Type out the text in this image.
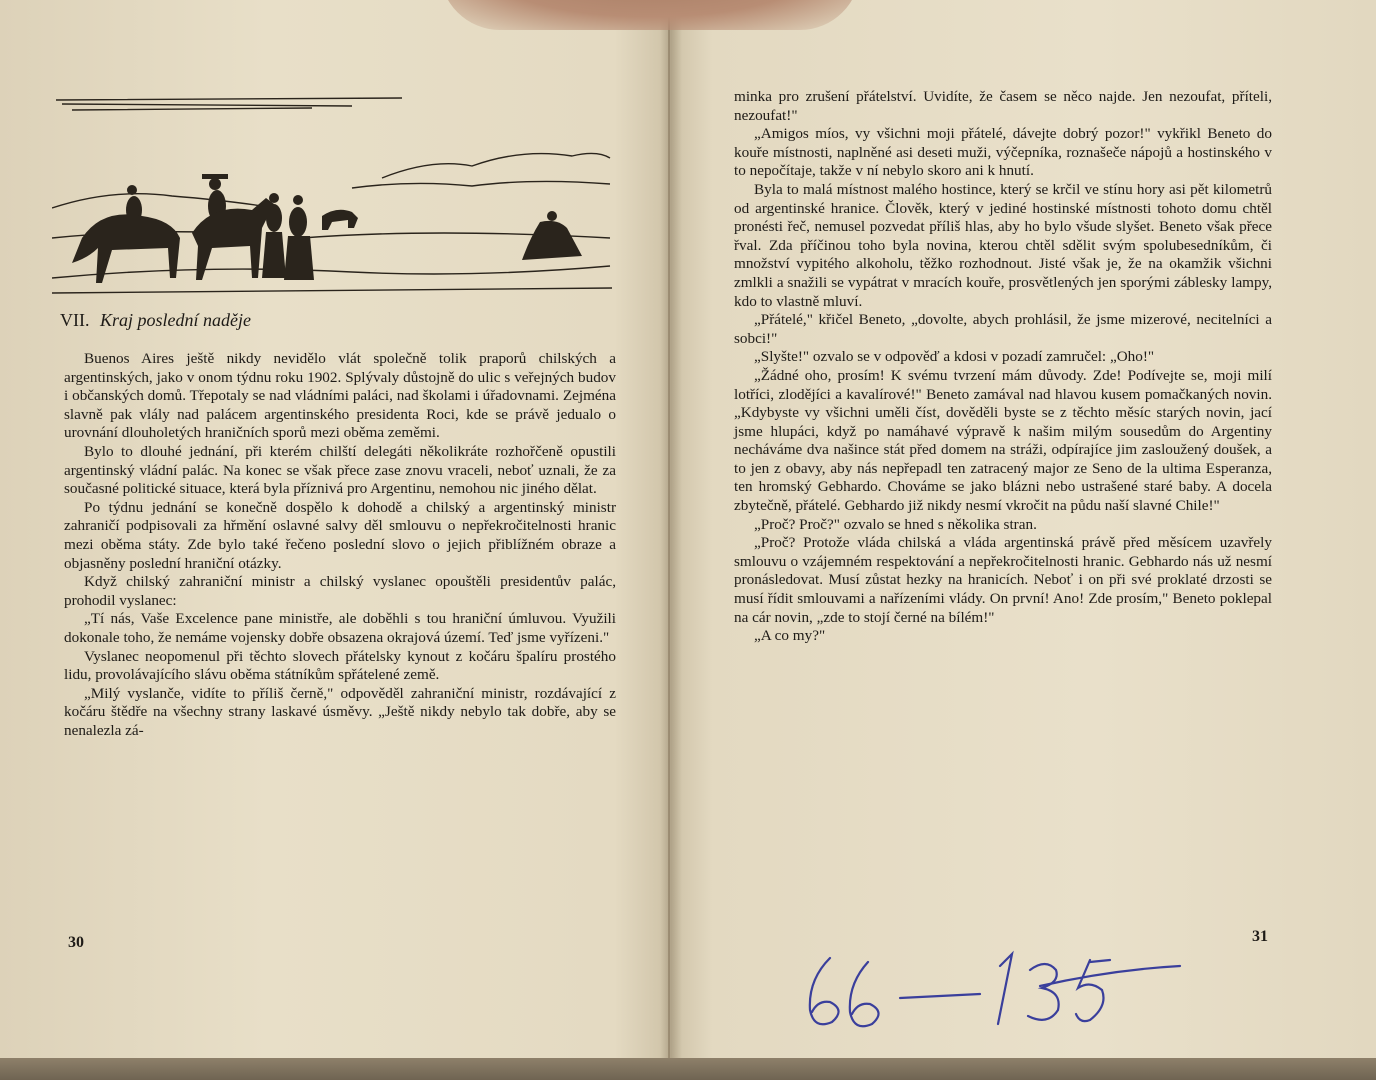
VII. Kraj poslední naděje

Buenos Aires ještě nikdy nevidělo vlát společně tolik praporů chilských a argentinských, jako v onom týdnu roku 1902. Splývaly důstojně do ulic s veřejných budov i občanských domů. Třepotaly se nad vládními paláci, nad školami i úřadovnami. Zejména slavně pak vlály nad palácem argentinského presidenta Roci, kde se právě jedualo o urovnání dlouholetých hraničních sporů mezi oběma zeměmi.

Bylo to dlouhé jednání, při kterém chilští delegáti několikráte rozhořčeně opustili argentinský vládní palác. Na konec se však přece zase znovu vraceli, neboť uznali, že za současné politické situace, která byla příznivá pro Argentinu, nemohou nic jiného dělat.

Po týdnu jednání se konečně dospělo k dohodě a chilský a argentinský ministr zahraničí podpisovali za hřmění oslavné salvy děl smlouvu o nepřekročitelnosti hranic mezi oběma státy. Zde bylo také řečeno poslední slovo o jejich přiblížném obraze a objasněny poslední hraniční otázky.

Když chilský zahraniční ministr a chilský vyslanec opouštěli presidentův palác, prohodil vyslanec:

„Tí nás, Vaše Excelence pane ministře, ale doběhli s tou hraniční úmluvou. Využili dokonale toho, že nemáme vojensky dobře obsazena okrajová území. Teď jsme vyřízeni."

Vyslanec neopomenul při těchto slovech přátelsky kynout z kočáru špalíru prostého lidu, provolávajícího slávu oběma státníkům spřátelené země.

„Milý vyslanče, vidíte to příliš černě," odpověděl zahraniční ministr, rozdávající z kočáru štědře na všechny strany laskavé úsměvy. „Ještě nikdy nebylo tak dobře, aby se nenalezla zá-

30

minka pro zrušení přátelství. Uvidíte, že časem se něco najde. Jen nezoufat, příteli, nezoufat!"

„Amigos míos, vy všichni moji přátelé, dávejte dobrý pozor!" vykřikl Beneto do kouře místnosti, naplněné asi deseti muži, výčepníka, roznašeče nápojů a hostinského v to nepočítaje, takže v ní nebylo skoro ani k hnutí.

Byla to malá místnost malého hostince, který se krčil ve stínu hory asi pět kilometrů od argentinské hranice. Člověk, který v jediné hostinské místnosti tohoto domu chtěl pronésti řeč, nemusel pozvedat příliš hlas, aby ho bylo všude slyšet. Beneto však přece řval. Zda příčinou toho byla novina, kterou chtěl sdělit svým spolubesedníkům, či množství vypitého alkoholu, těžko rozhodnout. Jisté však je, že na okamžik všichni zmlkli a snažili se vypátrat v mracích kouře, prosvětlených jen sporými záblesky lampy, kdo to vlastně mluví.

„Přátelé," křičel Beneto, „dovolte, abych prohlásil, že jsme mizerové, necitelníci a sobci!"

„Slyšte!" ozvalo se v odpověď a kdosi v pozadí zamručel: „Oho!"

„Žádné oho, prosím! K svému tvrzení mám důvody. Zde! Podívejte se, moji milí lotříci, zlodějíci a kavalírové!" Beneto zamával nad hlavou kusem pomačkaných novin. „Kdybyste vy všichni uměli číst, dověděli byste se z těchto měsíc starých novin, jací jsme hlupáci, když po namáhavé výpravě k našim milým sousedům do Argentiny necháváme dva našince stát před domem na stráži, odpírajíce jim zasloužený doušek, a to jen z obavy, aby nás nepřepadl ten zatracený major ze Seno de la ultima Esperanza, ten hromský Gebhardo. Chováme se jako blázni nebo ustrašené staré baby. A docela zbytečně, přátelé. Gebhardo již nikdy nesmí vkročit na půdu naší slavné Chile!"

„Proč? Proč?" ozvalo se hned s několika stran.

„Proč? Protože vláda chilská a vláda argentinská právě před měsícem uzavřely smlouvu o vzájemném respektování a nepřekročitelnosti hranic. Gebhardo nás už nesmí pronásledovat. Musí zůstat hezky na hranicích. Neboť i on při své proklaté drzosti se musí řídit smlouvami a nařízeními vlády. On první! Ano! Zde prosím," Beneto poklepal na cár novin, „zde to stojí černé na bílém!"

„A co my?"

31
